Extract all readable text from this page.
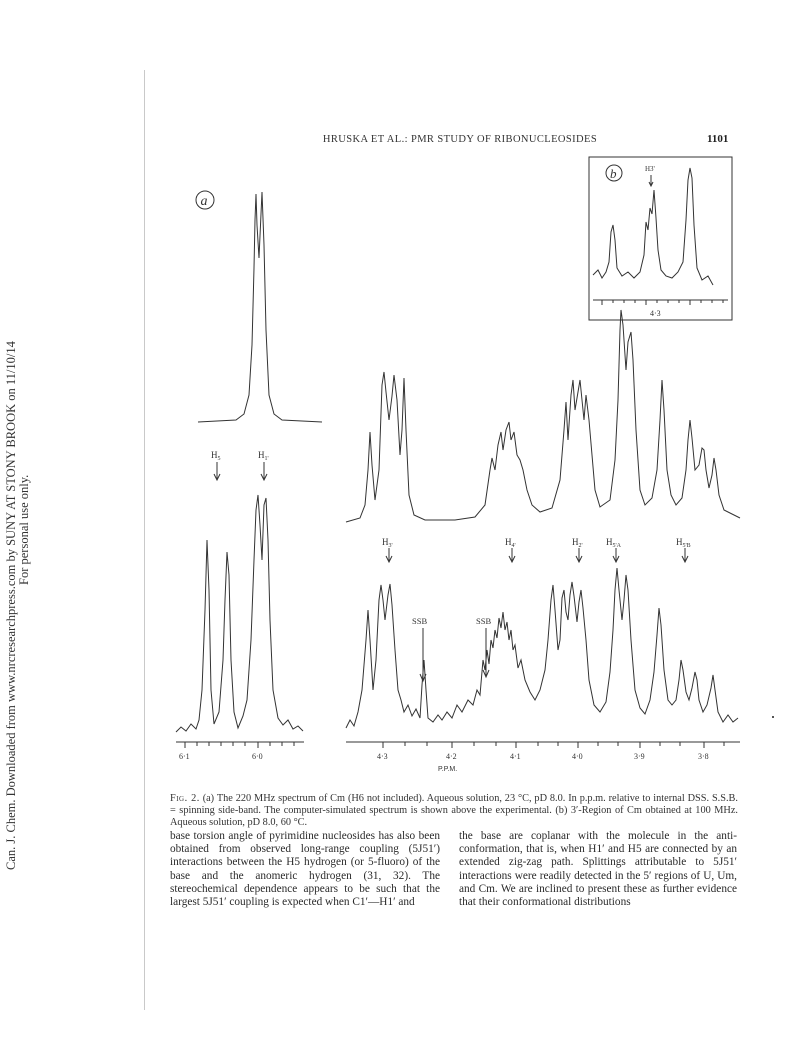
Can. J. Chem. Downloaded from www.nrcresearchpress.com by SUNY AT STONY BROOK on 11/10/14 For personal use only.
HRUSKA ET AL.: PMR STUDY OF RIBONUCLEOSIDES	1101
a
b
$H_5$	$H_{1'}$
$H_{3'}$	$H_{4'}$	$H_{2'}$	$H_{5'A}$	$H_{5'B}$
SSB	SSB
H3'
4·3
6·1	6·0	4·3	4·2	4·1	4·0	3·9	3·8
P.P.M.
Fig. 2. (a) The 220 MHz spectrum of Cm (H6 not included). Aqueous solution, 23 °C, pD 8.0. In p.p.m. relative to internal DSS. S.S.B. = spinning side-band. The computer-simulated spectrum is shown above the experimental. (b) 3′-Region of Cm obtained at 100 MHz. Aqueous solution, pD 8.0, 60 °C.

base torsion angle of pyrimidine nucleosides has also been obtained from observed long-range coupling (5J51′) interactions between the H5 hydrogen (or 5-fluoro) of the base and the anomeric hydrogen (31, 32). The stereochemical dependence appears to be such that the largest 5J51′ coupling is expected when C1′—H1′ and

the base are coplanar with the molecule in the anti-conformation, that is, when H1′ and H5 are connected by an extended zig-zag path. Splittings attributable to 5J51′ interactions were readily detected in the 5′ regions of U, Um, and Cm. We are inclined to present these as further evidence that their conformational distributions
